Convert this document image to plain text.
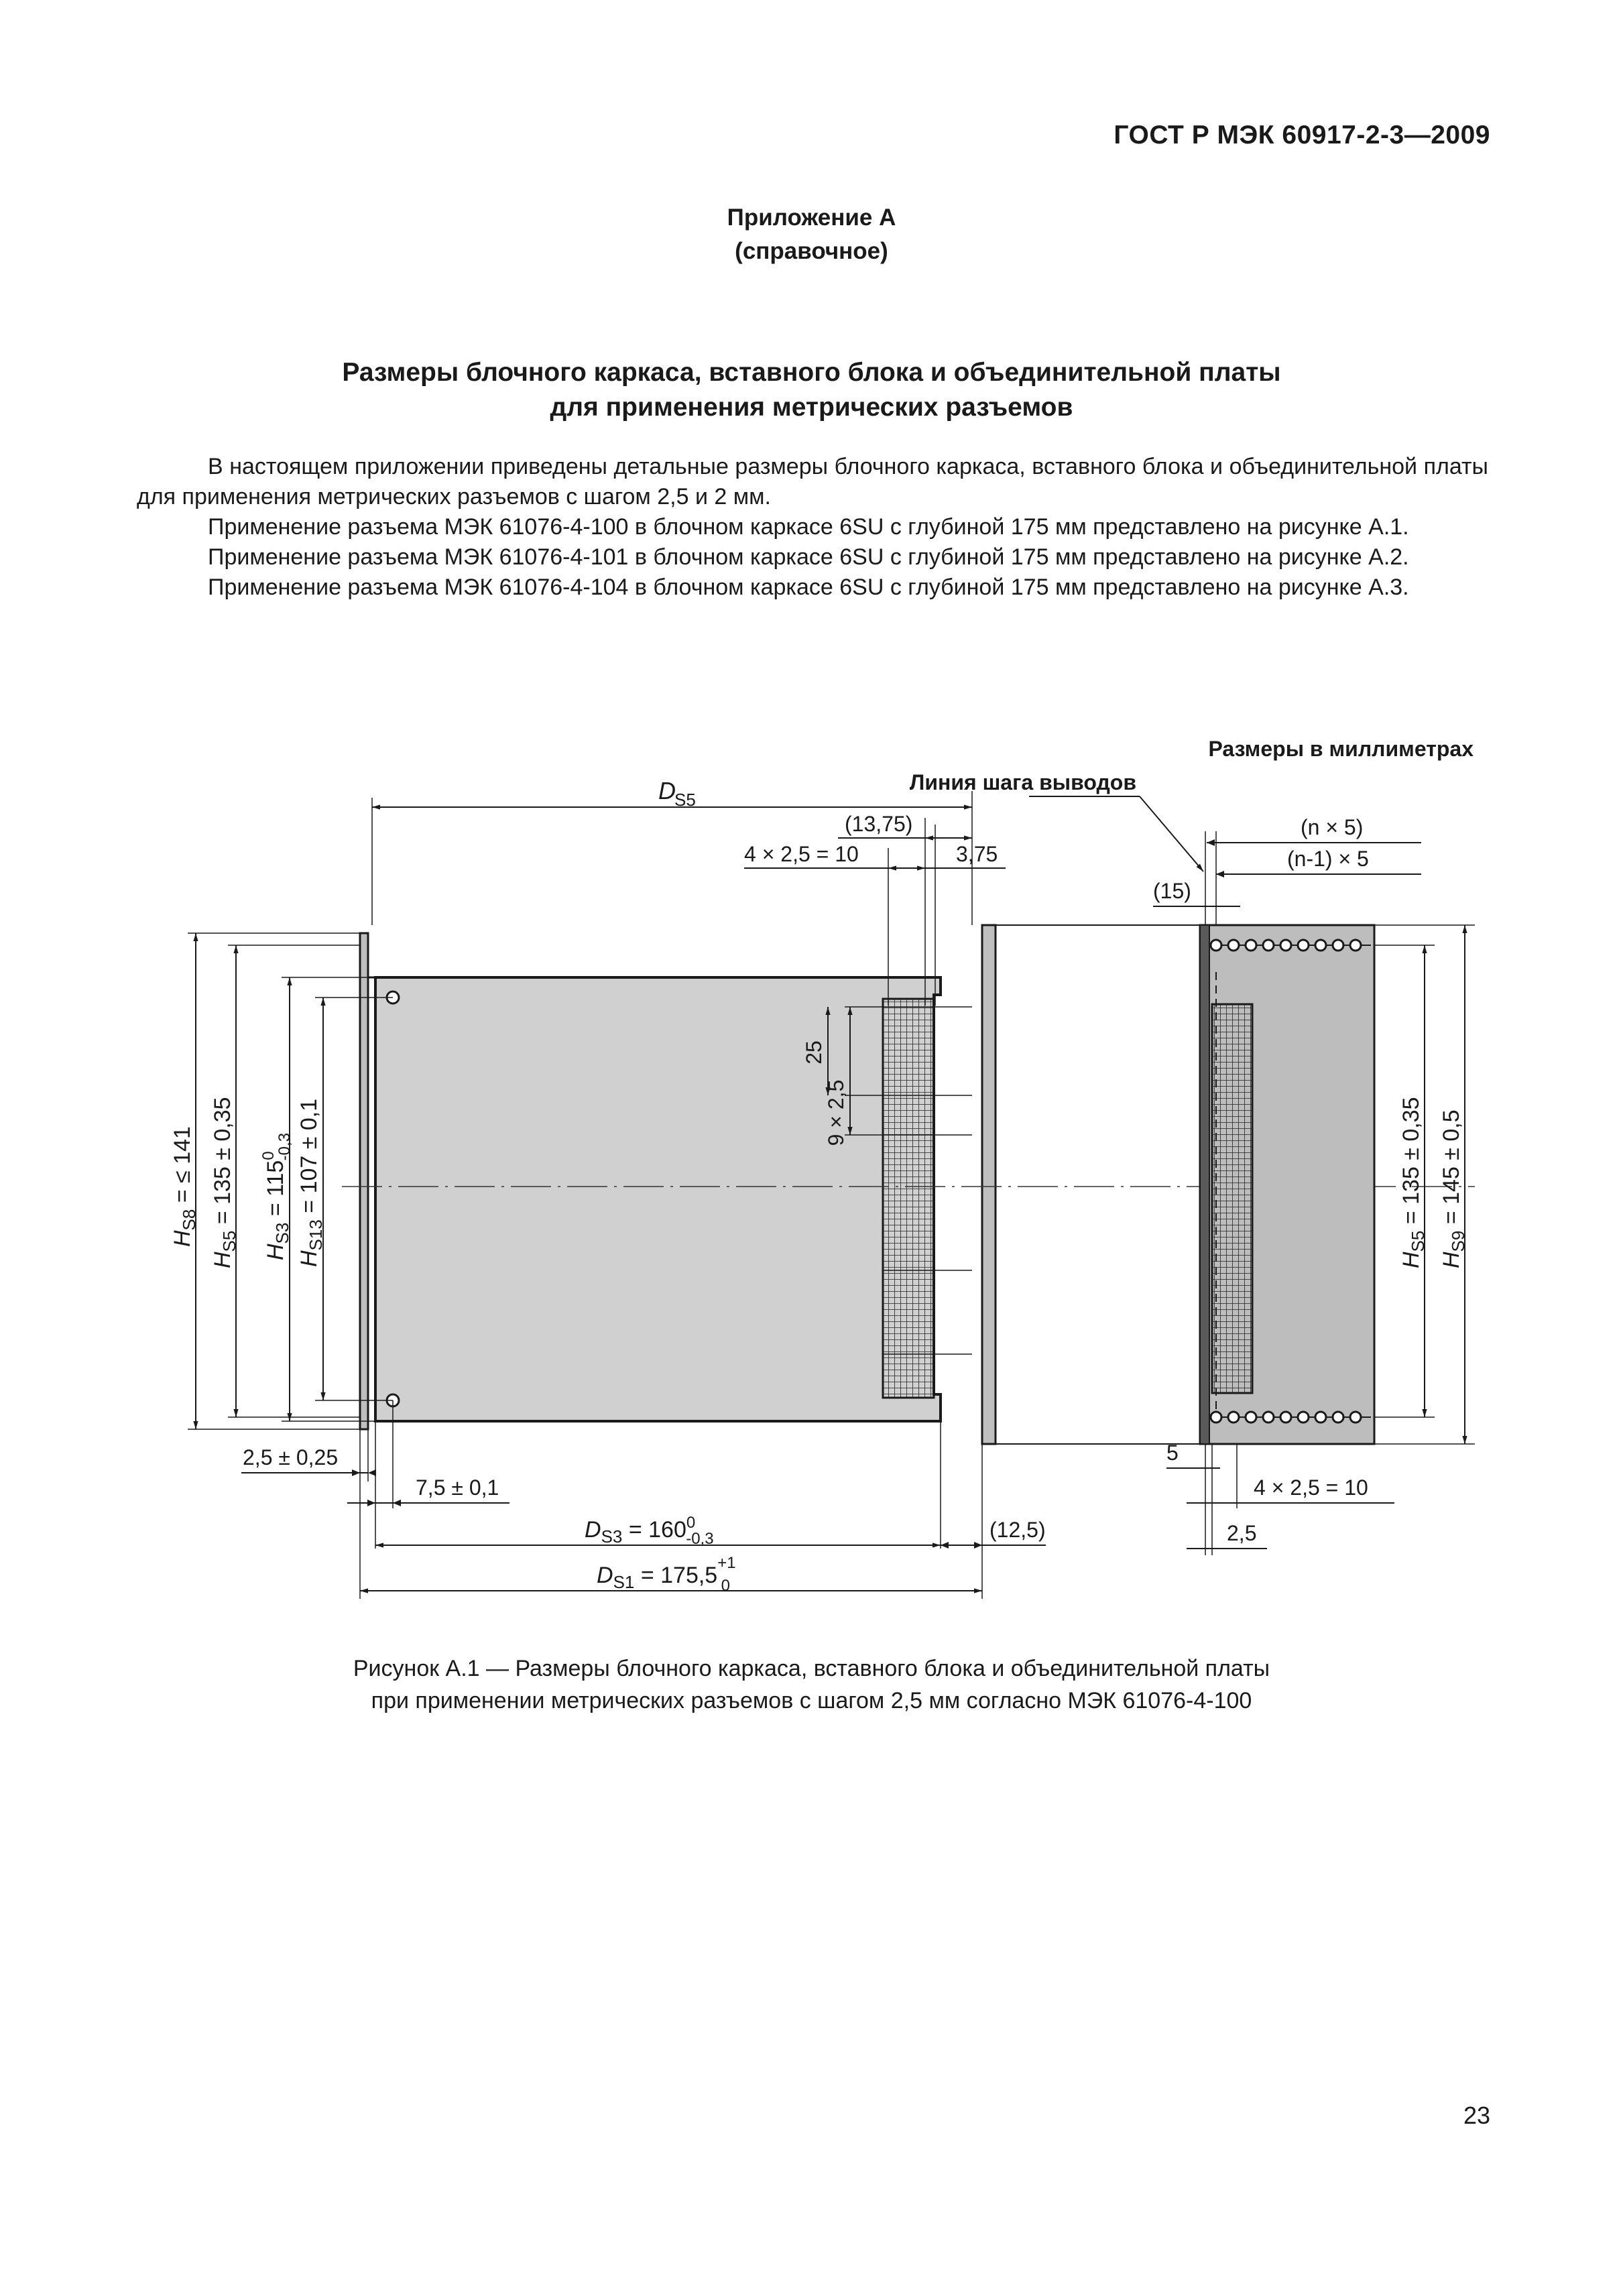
ГОСТ Р МЭК 60917-2-3—2009
Приложение А
(справочное)
Размеры блочного каркаса, вставного блока и объединительной платы
для применения метрических разъемов

В настоящем приложении приведены детальные размеры блочного каркаса, вставного блока и объединительной платы для применения метрических разъемов с шагом 2,5 и 2 мм.

Применение разъема МЭК 61076-4-100 в блочном каркасе 6SU с глубиной 175 мм представлено на рисунке А.1.

Применение разъема МЭК 61076-4-101 в блочном каркасе 6SU с глубиной 175 мм представлено на рисунке А.2.

Применение разъема МЭК 61076-4-104 в блочном каркасе 6SU с глубиной 175 мм представлено на рисунке А.3.

Размеры в миллиметрах
Линия шага выводов
25
9 × 2,5
D
S5
(13,75)
4 × 2,5 = 10	3,75
$H_{S8}$ = ≤ 141
$H_{S5} = 135 \pm 0,35$
$H_{S3} = 115^0-0,3$
$H_{S13} = 107 \pm 0,1$
2,5 ± 0,25
7,5 ± 0,1
$D_{S3} = 160^0$ -0,3	(12,5)
$D_{S1} = 175,5^{+1}$ 0
$H_{S5} = 135 \pm 0,35$
$H_{S9} = 145 \pm 0,5$
(n × 5)
(n-1) × 5
(15)
5
4 × 2,5 = 10
2,5
Рисунок А.1 — Размеры блочного каркаса, вставного блока и объединительной платы
при применении метрических разъемов с шагом 2,5 мм согласно МЭК 61076-4-100
23
